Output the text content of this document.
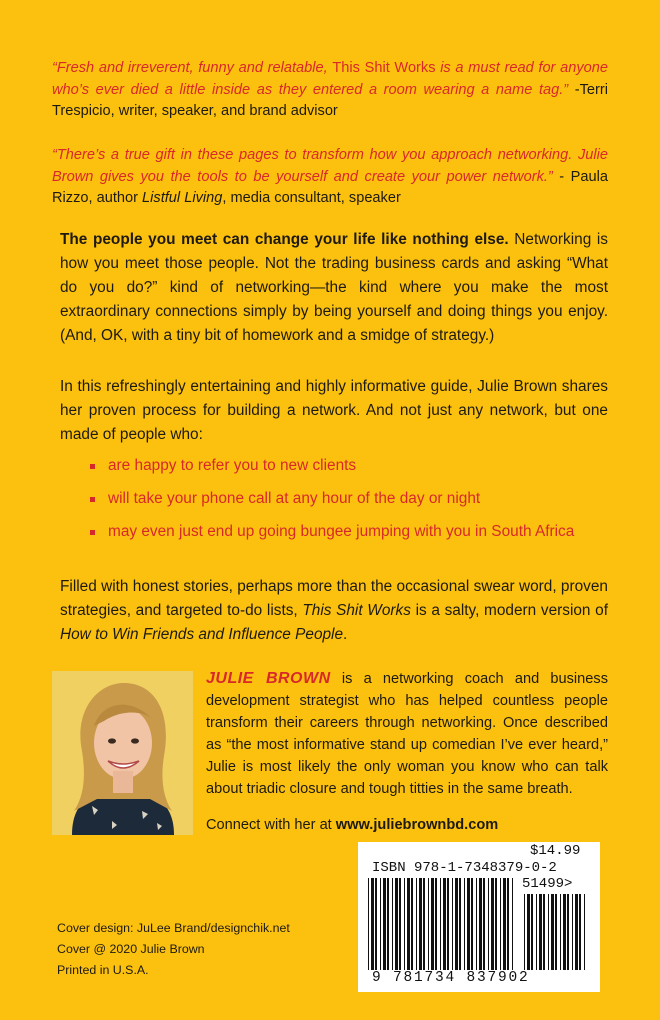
“Fresh and irreverent, funny and relatable, This Shit Works is a must read for anyone who’s ever died a little inside as they entered a room wearing a name tag.” -Terri Trespicio, writer, speaker, and brand advisor

“There’s a true gift in these pages to transform how you approach networking. Julie Brown gives you the tools to be yourself and create your power network.” - Paula Rizzo, author Listful Living, media consultant, speaker

The people you meet can change your life like nothing else. Networking is how you meet those people. Not the trading business cards and asking “What do you do?” kind of networking—the kind where you make the most extraordinary connections simply by being yourself and doing things you enjoy. (And, OK, with a tiny bit of homework and a smidge of strategy.)

In this refreshingly entertaining and highly informative guide, Julie Brown shares her proven process for building a network. And not just any network, but one made of people who:

are happy to refer you to new clients
will take your phone call at any hour of the day or night
may even just end up going bungee jumping with you in South Africa

Filled with honest stories, perhaps more than the occasional swear word, proven strategies, and targeted to-do lists, This Shit Works is a salty, modern version of How to Win Friends and Influence People.

JULIE BROWN is a networking coach and business development strategist who has helped countless people transform their careers through networking. Once described as “the most informative stand up comedian I’ve ever heard,” Julie is most likely the only woman you know who can talk about triadic closure and tough titties in the same breath.

Connect with her at www.juliebrownbd.com
Cover design: JuLee Brand/designchik.net
Cover @ 2020 Julie Brown
Printed in U.S.A.
$14.99
ISBN 978-1-7348379-0-2
51499>
9 781734 837902
